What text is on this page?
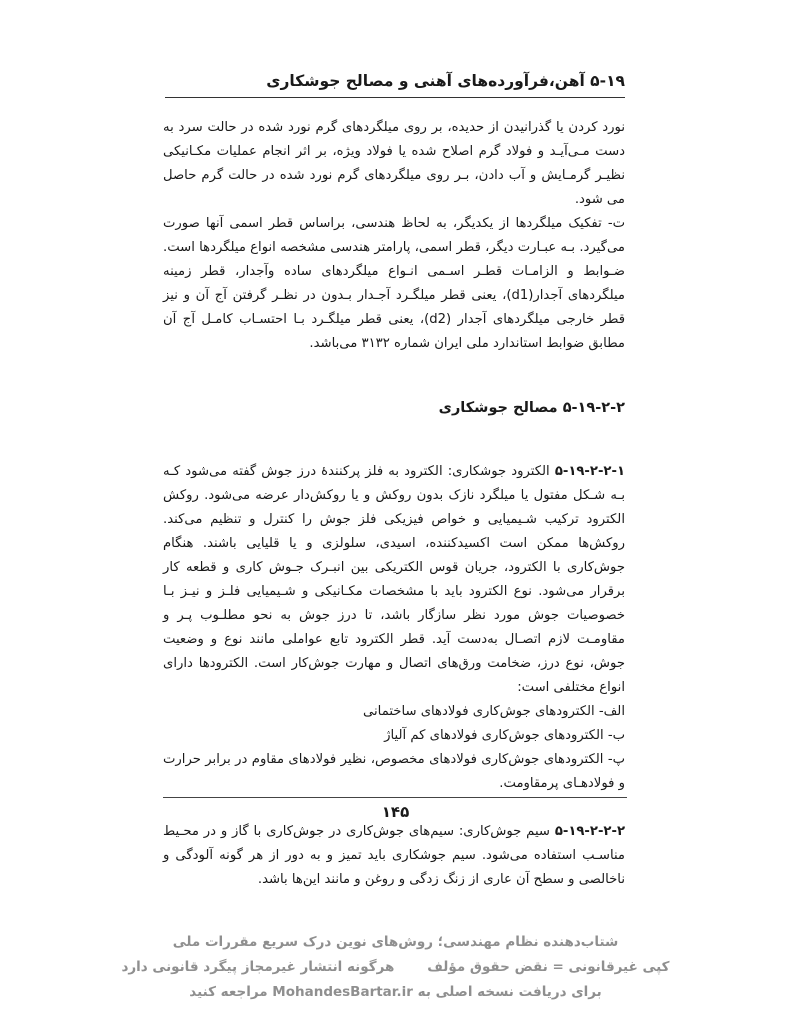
۵-۱۹ آهن،فرآورده‌های آهنی و مصالح جوشکاری

نورد کردن یا گذرانیدن از حدیده، بر روی میلگردهای گرم نورد شده در حالت سرد به دست مـی‌آیـد و فولاد گرم اصلاح شده یا فولاد ویژه، بر اثر انجام عملیات مکـانیکی نظیـر گرمـایش و آب دادن، بـر روی میلگردهای گرم نورد شده در حالت گرم حاصل می شود.

ت- تفکیک میلگردها از یکدیگر، به لحاظ هندسی، براساس قطر اسمی آنها صورت می‌گیرد. بـه عبـارت دیگر، قطر اسمی، پارامتر هندسی مشخصه انواع میلگردها است. ضـوابط و الزامـات قطـر اسـمی انـواع میلگردهای ساده وآجدار، قطر زمینه میلگردهای آجدار(d1)، یعنی قطر میلگـرد آجـدار بـدون در نظـر گرفتن آج آن و نیز قطر خارجی میلگردهای آجدار (d2)، یعنی قطر میلگـرد بـا احتسـاب کامـل آج آن مطابق ضوابط استاندارد ملی ایران شماره ۳۱۳۲ می‌باشد.

۵-۱۹-۲-۲ مصالح جوشکاری

۵-۱۹-۲-۲-۱ الکترود جوشکاری: الکترود به فلز پرکنندهٔ درز جوش گفته می‌شود کـه بـه شـکل مفتول یا میلگرد نازک بدون روکش و یا روکش‌دار عرضه می‌شود. روکش الکترود ترکیب شـیمیایی و خواص فیزیکی فلز جوش را کنترل و تنظیم می‌کند. روکش‌ها ممکن است اکسیدکننده، اسیدی، سلولزی و یا قلیایی باشند. هنگام جوش‌کاری با الکترود، جریان قوس الکتریکی بین انبـرک جـوش کاری و قطعه کار برقرار می‌شود. نوع الکترود باید با مشخصات مکـانیکی و شـیمیایی فلـز و نیـز بـا خصوصیات جوش مورد نظر سازگار باشد، تا درز جوش به نحو مطلـوب پـر و مقاومـت لازم اتصـال به‌دست آید. قطر الکترود تابع عواملی مانند نوع و وضعیت جوش، نوع درز، ضخامت ورق‌های اتصال و مهارت جوش‌کار است. الکترودها دارای انواع مختلفی است:

الف- الکترودهای جوش‌کاری فولادهای ساختمانی

ب- الکترودهای جوش‌کاری فولادهای کم آلیاژ

پ- الکترودهای جوش‌کاری فولادهای مخصوص، نظیر فولادهای مقاوم در برابر حرارت و فولادهـای پرمقاومت.

۵-۱۹-۲-۲-۲ سیم جوش‌کاری: سیم‌های جوش‌کاری در جوش‌کاری با گاز و در محـیط مناسـب استفاده می‌شود. سیم جوشکاری باید تمیز و به دور از هر گونه آلودگی و ناخالصی و سطح آن عاری از زنگ زدگی و روغن و مانند این‌ها باشد.

۱۴۵
شتاب‌دهنده نظام مهندسی؛ روش‌های نوین درک سریع مقررات ملی
کپی غیرقانونی = نقض حقوق مؤلف       هرگونه انتشار غیرمجاز پیگرد قانونی دارد
برای دریافت نسخه اصلی به MohandesBartar.ir مراجعه کنید
